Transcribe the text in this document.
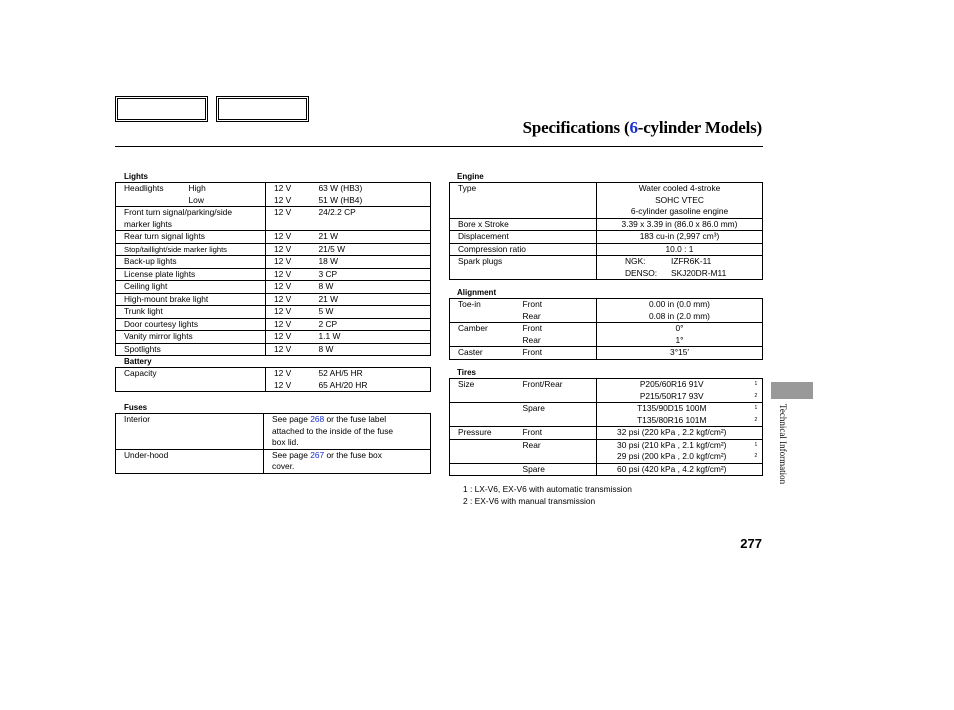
Specifications (6-cylinder Models)
Lights
Headlights	High	12 V	63 W (HB3)
	Low	12 V	51 W (HB4)
Front turn signal/parking/side		12 V	24/2.2 CP
marker lights			
Rear turn signal lights		12 V	21 W
Stop/taillight/side marker lights		12 V	21/5 W
Back-up lights		12 V	18 W
License plate lights		12 V	3 CP
Ceiling light		12 V	8 W
High-mount brake light		12 V	21 W
Trunk light		12 V	5 W
Door courtesy lights		12 V	2 CP
Vanity mirror lights		12 V	1.1 W
Spotlights		12 V	8 W
Battery
Capacity	12 V	52 AH/5 HR
	12 V	65 AH/20 HR
Fuses
Interior	See page 268 or the fuse label
	attached to the inside of the fuse
	box lid.
Under-hood	See page 267 or the fuse box
	cover.
Engine
Type	Water cooled 4-stroke
	SOHC VTEC
	6-cylinder gasoline engine
Bore x Stroke	3.39 x 3.39 in (86.0 x 86.0 mm)
Displacement	183 cu-in (2,997 cm³)
Compression ratio	10.0 : 1
Spark plugs	NGK: IZFR6K-11
	DENSO: SKJ20DR-M11
Alignment
Toe-in	Front	0.00 in (0.0 mm)
	Rear	0.08 in (2.0 mm)
Camber	Front	0°
	Rear	1°
Caster	Front	3°15′
Tires
Size	Front/Rear	P205/60R16 91V	1
		P215/50R17 93V	2
	Spare	T135/90D15 100M	1
		T135/80R16 101M	2
Pressure	Front	32 psi (220 kPa , 2.2 kgf/cm²)	
	Rear	30 psi (210 kPa , 2.1 kgf/cm²)	1
		29 psi (200 kPa , 2.0 kgf/cm²)	2
	Spare	60 psi (420 kPa , 4.2 kgf/cm²)	
1 : LX-V6, EX-V6 with automatic transmission
2 : EX-V6 with manual transmission
277
Technical Information
